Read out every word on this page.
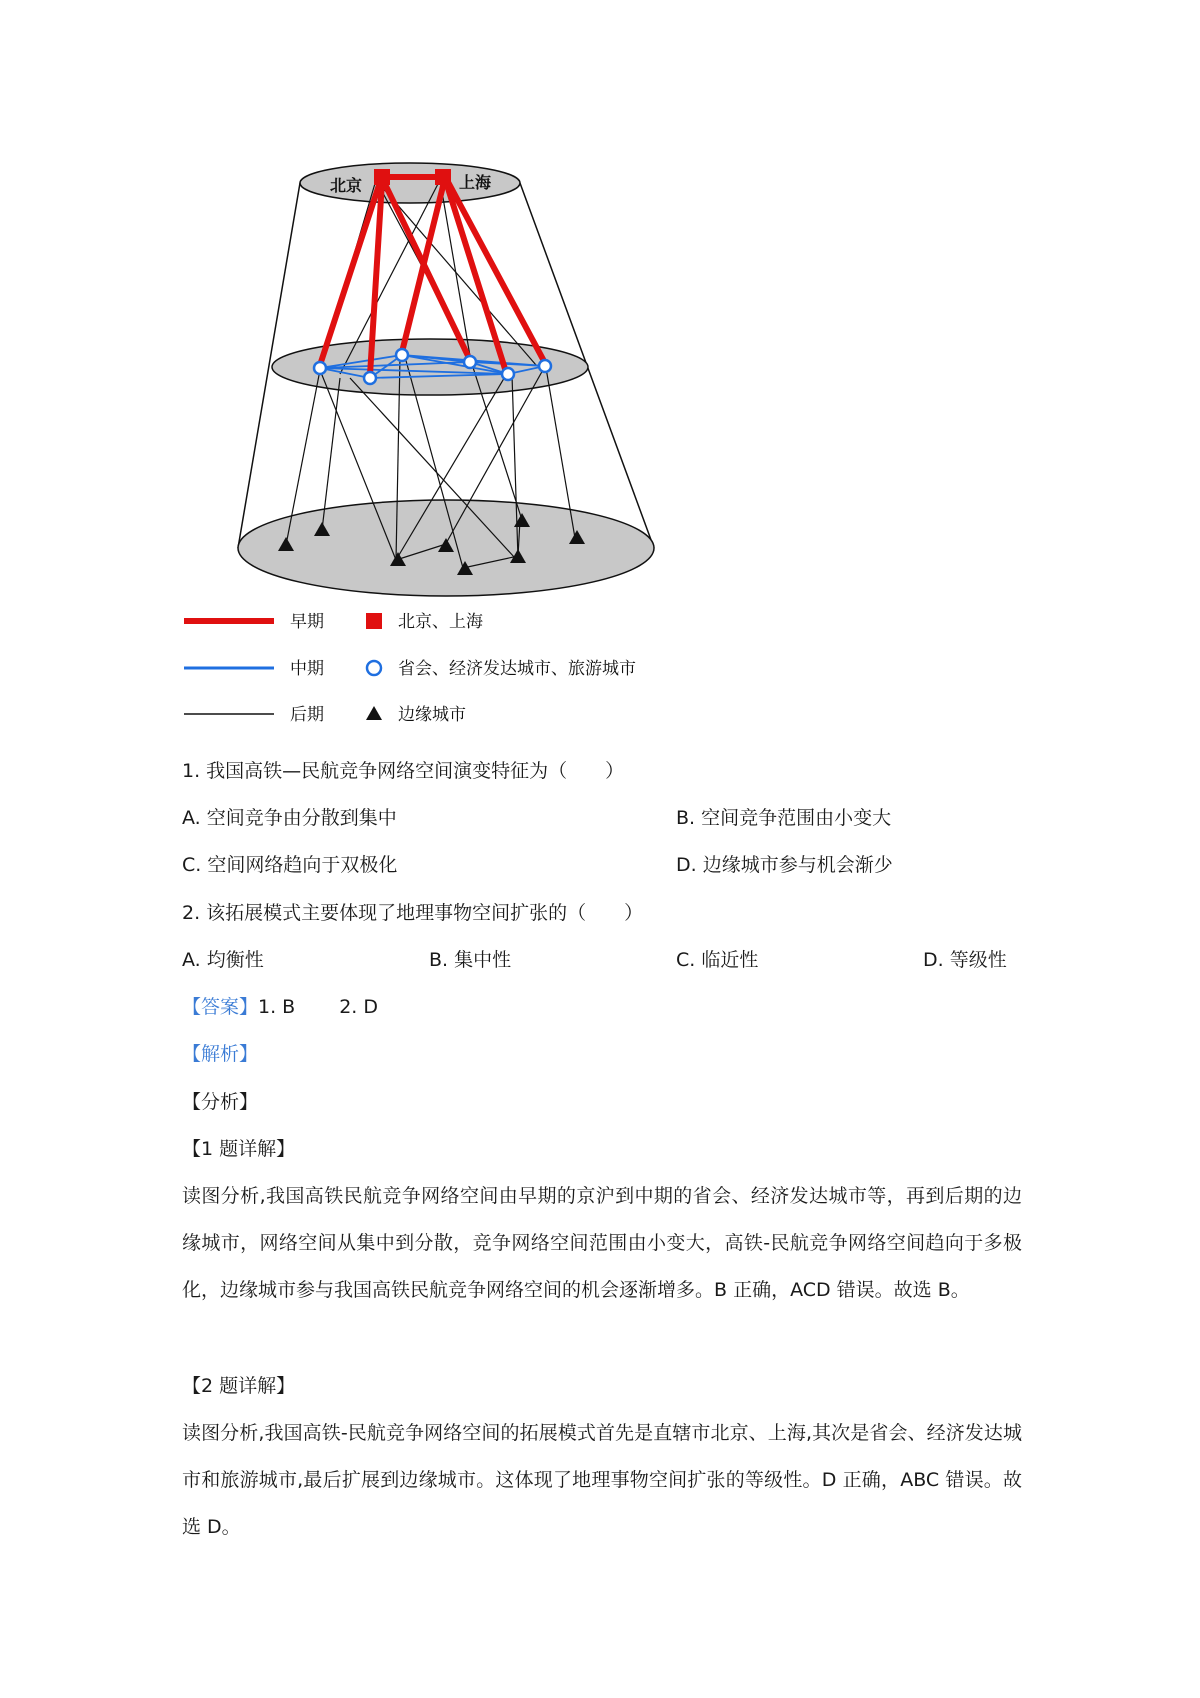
北京	上海
早期	北京、上海
中期	省会、经济发达城市、旅游城市
后期	边缘城市
1. 我国高铁—民航竞争网络空间演变特征为（　　）
A. 空间竞争由分散到集中	B. 空间竞争范围由小变大
C. 空间网络趋向于双极化	D. 边缘城市参与机会渐少
2. 该拓展模式主要体现了地理事物空间扩张的（　　）
A. 均衡性	B. 集中性	C. 临近性	D. 等级性
【答案】1. B 2. D
【解析】
【分析】
【1 题详解】
读图分析,我国高铁民航竞争网络空间由早期的京沪到中期的省会、经济发达城市等，再到后期的边缘城市，网络空间从集中到分散，竞争网络空间范围由小变大，高铁-民航竞争网络空间趋向于多极化，边缘城市参与我国高铁民航竞争网络空间的机会逐渐增多。B 正确，ACD 错误。故选 B。
【2 题详解】
读图分析,我国高铁-民航竞争网络空间的拓展模式首先是直辖市北京、上海,其次是省会、经济发达城市和旅游城市,最后扩展到边缘城市。这体现了地理事物空间扩张的等级性。D 正确，ABC 错误。故选 D。
